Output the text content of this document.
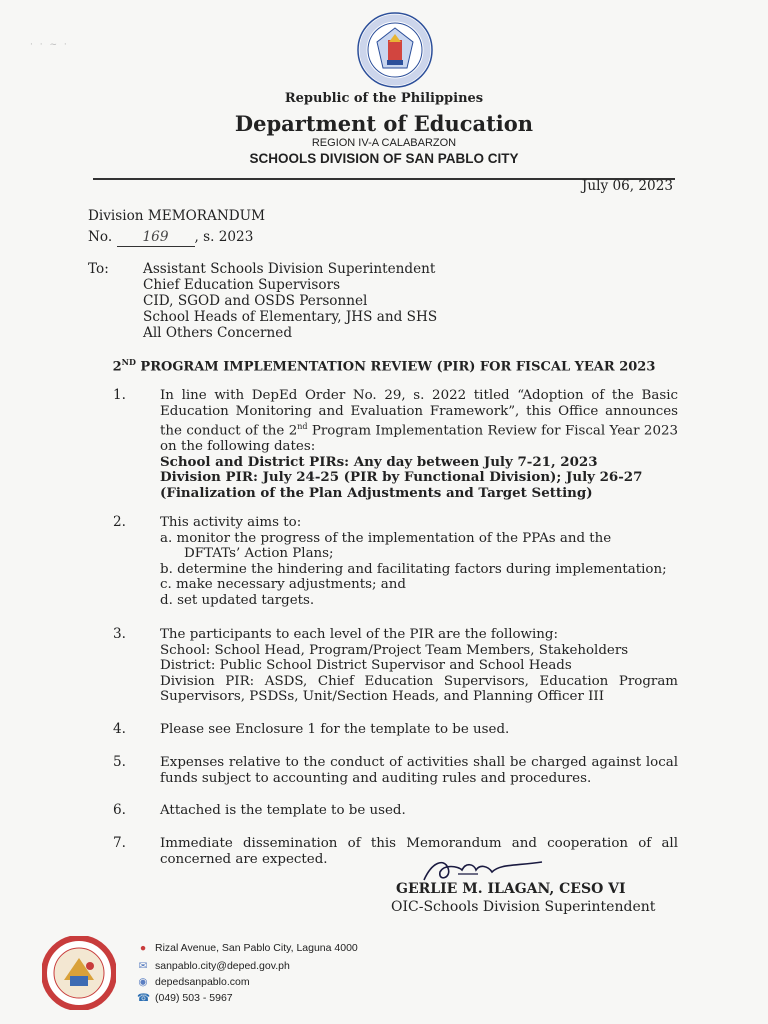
· · ~ ·
Republic of the Philippines
Department of Education
REGION IV-A CALABARZON
SCHOOLS DIVISION OF SAN PABLO CITY
July 06, 2023
Division MEMORANDUM
No. 169 , s. 2023
To:	Assistant Schools Division Superintendent
Chief Education Supervisors
CID, SGOD and OSDS Personnel
School Heads of Elementary, JHS and SHS
All Others Concerned
2ND PROGRAM IMPLEMENTATION REVIEW (PIR) FOR FISCAL YEAR 2023
1.	In line with DepEd Order No. 29, s. 2022 titled “Adoption of the Basic Education Monitoring and Evaluation Framework”, this Office announces the conduct of the 2nd Program Implementation Review for Fiscal Year 2023 on the following dates:
School and District PIRs: Any day between July 7-21, 2023
Division PIR: July 24-25 (PIR by Functional Division); July 26-27
(Finalization of the Plan Adjustments and Target Setting)
2.	This activity aims to:
a. monitor the progress of the implementation of the PPAs and the
DFTATs’ Action Plans;
b. determine the hindering and facilitating factors during implementation;
c. make necessary adjustments; and
d. set updated targets.
3.	The participants to each level of the PIR are the following:
School: School Head, Program/Project Team Members, Stakeholders
District: Public School District Supervisor and School Heads
Division PIR: ASDS, Chief Education Supervisors, Education Program Supervisors, PSDSs, Unit/Section Heads, and Planning Officer III
4.	Please see Enclosure 1 for the template to be used.
5.	Expenses relative to the conduct of activities shall be charged against local funds subject to accounting and auditing rules and procedures.
6.	Attached is the template to be used.
7.	Immediate dissemination of this Memorandum and cooperation of all concerned are expected.
GERLIE M. ILAGAN, CESO VI
OIC-Schools Division Superintendent
● Rizal Avenue, San Pablo City, Laguna 4000
✉ sanpablo.city@deped.gov.ph
◉ depedsanpablo.com
☎ (049) 503 - 5967
